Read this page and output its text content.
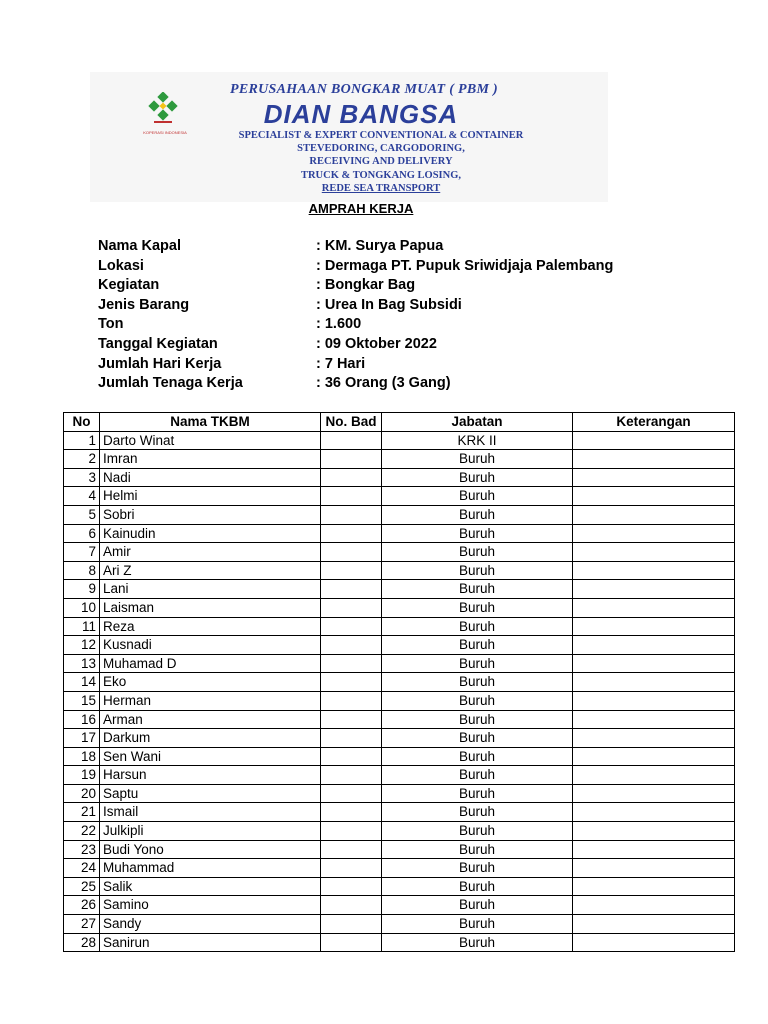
KOPERASI INDONESIA
PERUSAHAAN BONGKAR MUAT ( PBM )
DIAN BANGSA
SPECIALIST & EXPERT CONVENTIONAL & CONTAINER
STEVEDORING, CARGODORING,
RECEIVING AND DELIVERY
TRUCK & TONGKANG LOSING,
REDE SEA TRANSPORT
AMPRAH KERJA
Nama Kapal	: KM. Surya Papua
Lokasi	: Dermaga PT. Pupuk Sriwidjaja Palembang
Kegiatan	: Bongkar Bag
Jenis Barang	: Urea In Bag Subsidi
Ton	: 1.600
Tanggal Kegiatan	: 09 Oktober 2022
Jumlah Hari Kerja	: 7 Hari
Jumlah Tenaga Kerja	: 36 Orang (3 Gang)
No	Nama TKBM	No. Bad	Jabatan	Keterangan
1	Darto Winat		KRK II	
2	Imran		Buruh	
3	Nadi		Buruh	
4	Helmi		Buruh	
5	Sobri		Buruh	
6	Kainudin		Buruh	
7	Amir		Buruh	
8	Ari Z		Buruh	
9	Lani		Buruh	
10	Laisman		Buruh	
11	Reza		Buruh	
12	Kusnadi		Buruh	
13	Muhamad D		Buruh	
14	Eko		Buruh	
15	Herman		Buruh	
16	Arman		Buruh	
17	Darkum		Buruh	
18	Sen Wani		Buruh	
19	Harsun		Buruh	
20	Saptu		Buruh	
21	Ismail		Buruh	
22	Julkipli		Buruh	
23	Budi Yono		Buruh	
24	Muhammad		Buruh	
25	Salik		Buruh	
26	Samino		Buruh	
27	Sandy		Buruh	
28	Sanirun		Buruh	
